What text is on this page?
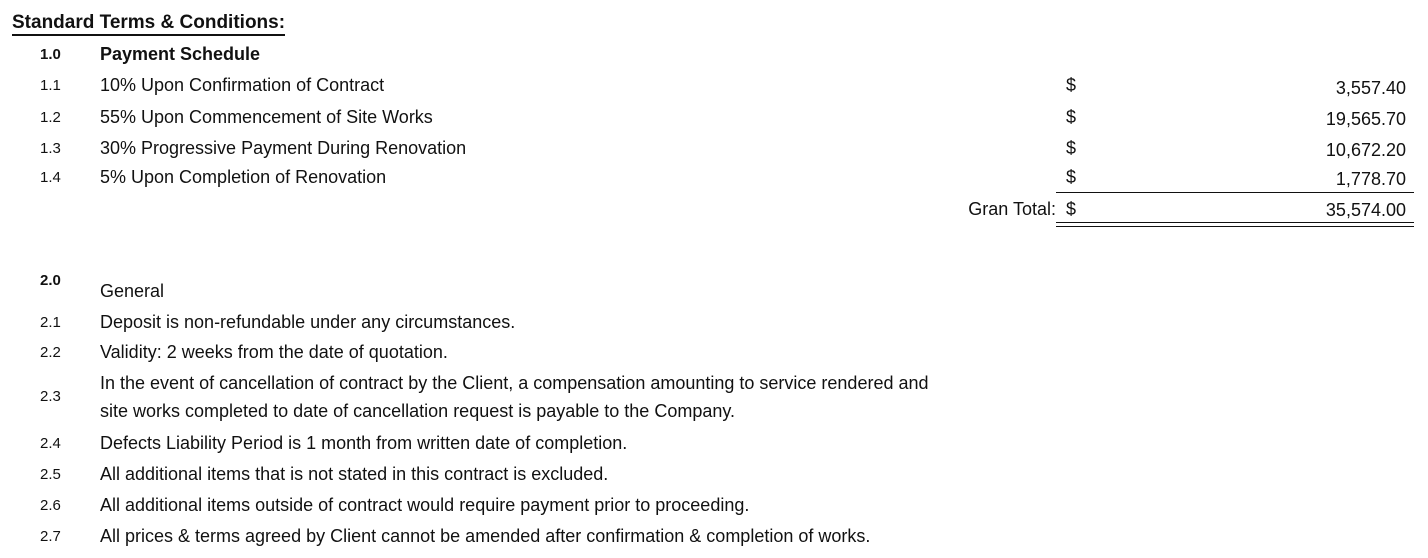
Standard Terms & Conditions:
1.0 Payment Schedule
1.1 10% Upon Confirmation of Contract	$	3,557.40
1.2 55% Upon Commencement of Site Works	$	19,565.70
1.3 30% Progressive Payment During Renovation	$	10,672.20
1.4 5% Upon Completion of Renovation	$	1,778.70
Gran Total: $	35,574.00
2.0
General
2.1 Deposit is non-refundable under any circumstances.
2.2 Validity: 2 weeks from the date of quotation.
2.3
In the event of cancellation of contract by the Client, a compensation amounting to service rendered and
site works completed to date of cancellation request is payable to the Company.
2.4 Defects Liability Period is 1 month from written date of completion.
2.5 All additional items that is not stated in this contract is excluded.
2.6 All additional items outside of contract would require payment prior to proceeding.
2.7 All prices & terms agreed by Client cannot be amended after confirmation & completion of works.
